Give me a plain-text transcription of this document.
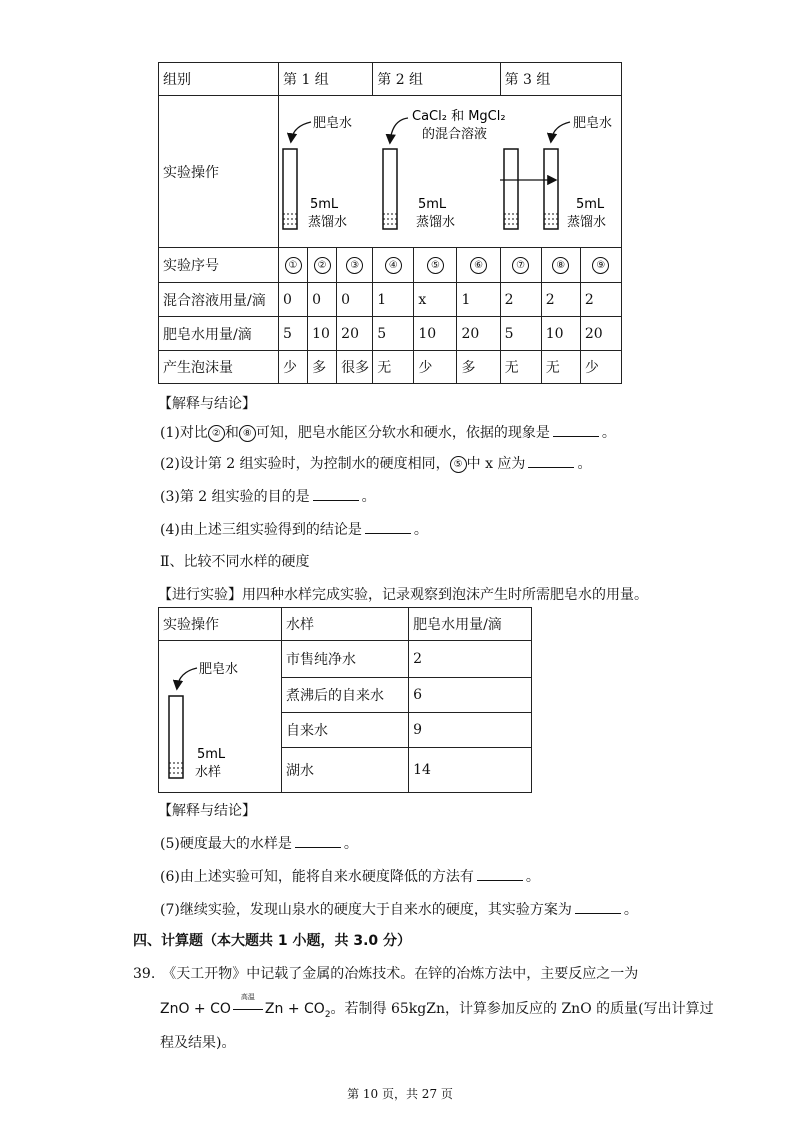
组别	第 1 组			第 2 组			第 3 组		
实验操作	肥皂水
5mL
蒸馏水								

实验序号	①	②	③	④	⑤	⑥	⑦	⑧	⑨
混合溶液用量/滴	0	0	0	1	x	1	2	2	2
肥皂水用量/滴	5	10	20	5	10	20	5	10	20
产生泡沫量	少	多	很多	无	少	多	无	无	少
CaCl₂ 和 MgCl₂
的混合溶液
5mL
蒸馏水
肥皂水
5mL
蒸馏水
【解释与结论】
(1)对比 ② 和 ⑧ 可知，肥皂水能区分软水和硬水，依据的现象是	。
(2)设计第 2 组实验时，为控制水的硬度相同， ⑤ 中 x 应为	。
(3)第 2 组实验的目的是	。
(4)由上述三组实验得到的结论是	。
Ⅱ、比较不同水样的硬度
实验操作	水样	肥皂水用量/滴

肥皂水
5mL
水样	市售纯净水	2
	煮沸后的自来水	6
	自来水	9
	湖水	14
【解释与结论】
(5)硬度最大的水样是	。
(6)由上述实验可知，能将自来水硬度降低的方法有	。
(7)继续实验，发现山泉水的硬度大于自来水的硬度，其实验方案为	。
四、计算题（本大题共 1 小题，共 3.0 分）
39.　《天工开物》中记载了金属的冶炼技术。在锌的冶炼方法中，主要反应之一为
ZnO + CO
高温
$Zn + CO_2$。若制得 65kgZn，计算参加反应的 ZnO 的质量(写出计算过
程及结果)。
第 10 页，共 27 页
【进行实验】用四种水样完成实验，记录观察到泡沫产生时所需肥皂水的用量。
